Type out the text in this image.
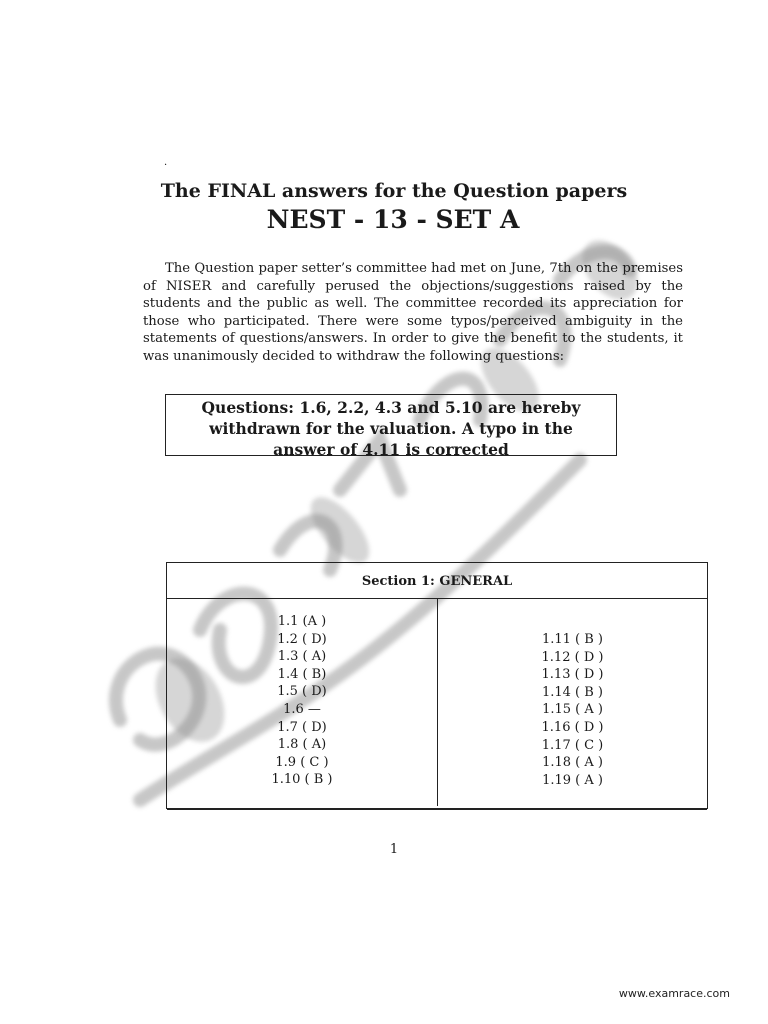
·
The FINAL answers for the Question papers
NEST - 13 - SET A
The Question paper setter’s committee had met on June, 7th on the premises of NISER and carefully perused the objections/suggestions raised by the students and the public as well. The committee recorded its appreciation for those who participated. There were some typos/perceived ambiguity in the statements of questions/answers. In order to give the benefit to the students, it was unanimously decided to withdraw the following questions:
Questions: 1.6, 2.2, 4.3 and 5.10 are hereby withdrawn for the valuation. A typo in the answer of 4.11 is corrected
Section 1: GENERAL
1.1 (A )
1.2 ( D)
1.3 ( A)
1.4 ( B)
1.5 ( D)
1.6 —
1.7 ( D)
1.8 ( A)
1.9 ( C )
1.10 ( B )
1.11 ( B )
1.12 ( D )
1.13 ( D )
1.14 ( B )
1.15 ( A )
1.16 ( D )
1.17 ( C )
1.18 ( A )
1.19 ( A )
1
www.examrace.com
